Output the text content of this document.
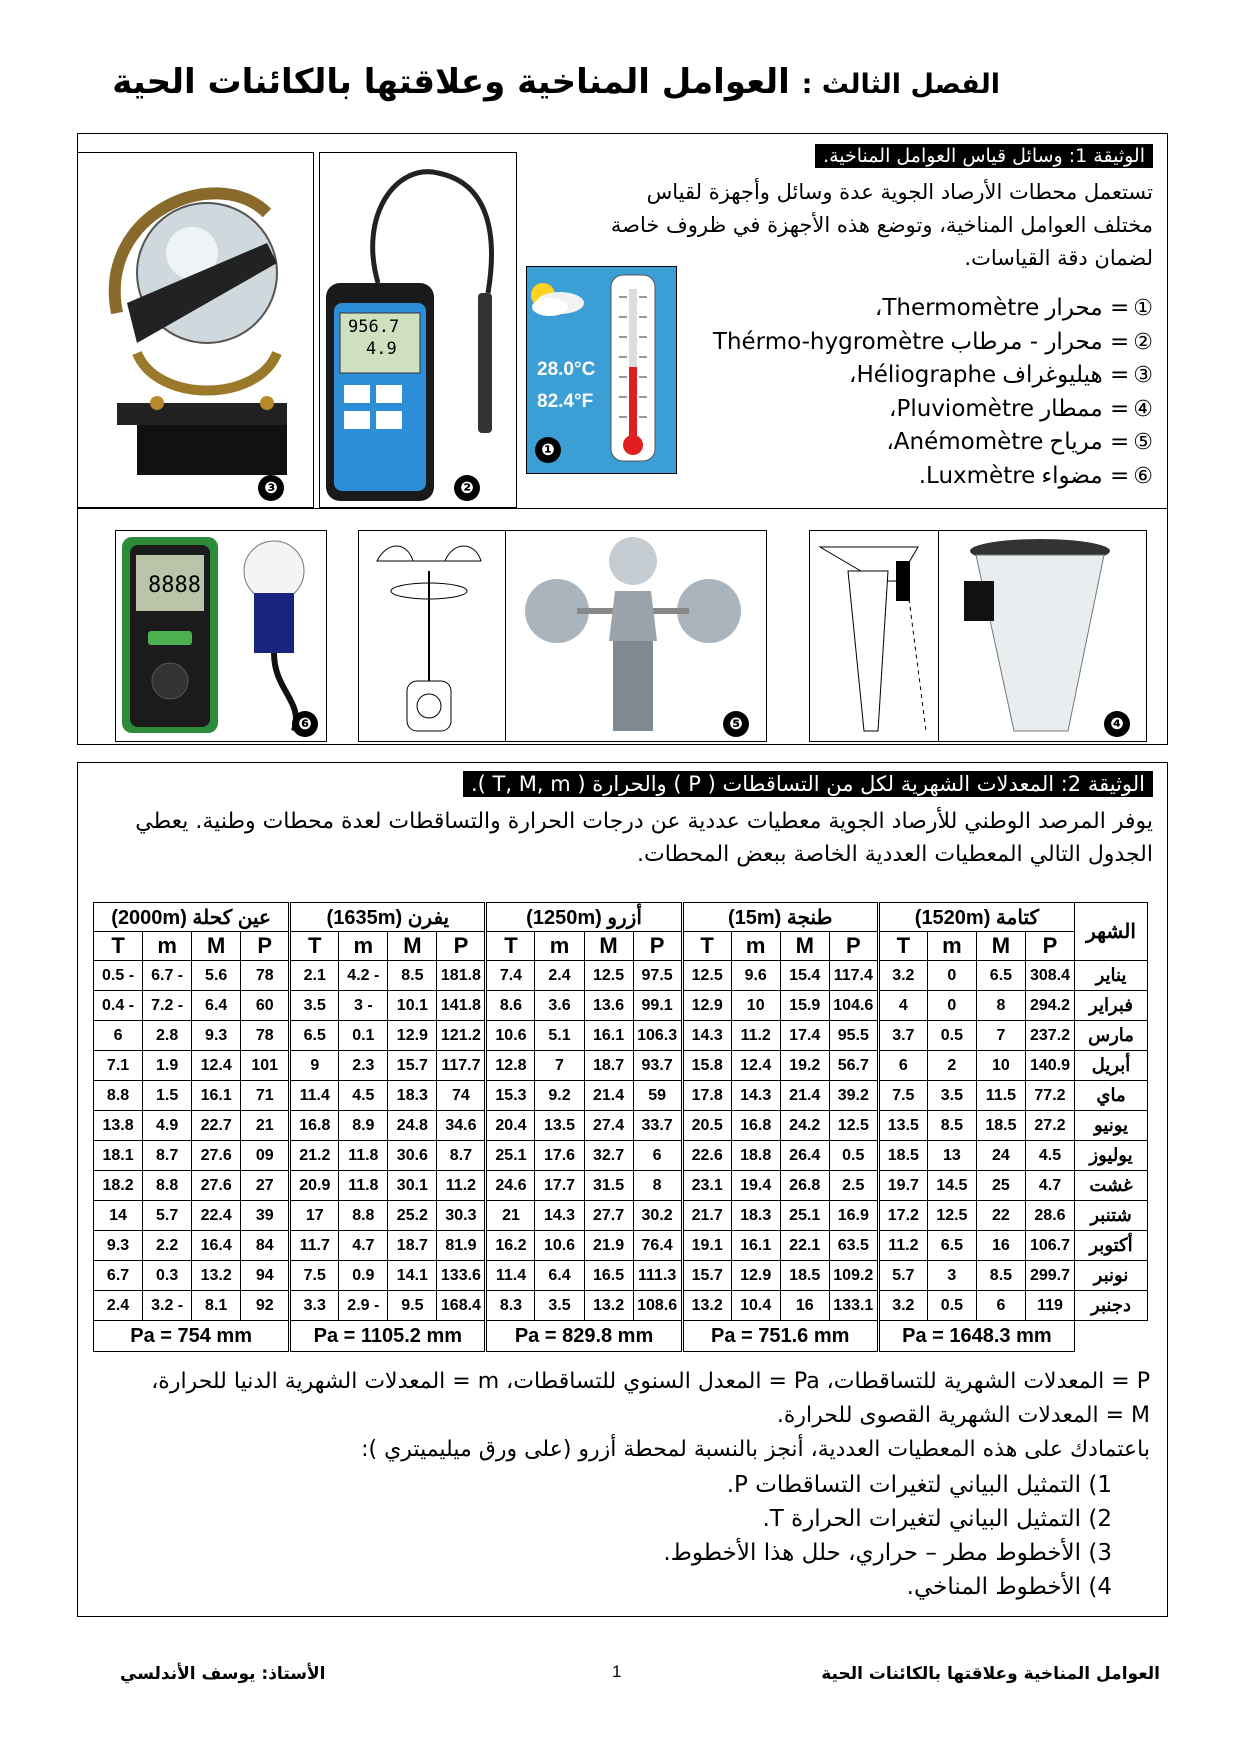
الفصل الثالث : العوامل المناخية وعلاقتها بالكائنات الحية
الوثيقة 1: وسائل قياس العوامل المناخية.
تستعمل محطات الأرصاد الجوية عدة وسائل وأجهزة لقياس مختلف العوامل المناخية، وتوضع هذه الأجهزة في ظروف خاصة لضمان دقة القياسات.
①
= محرار
Thermomètre
،
②
= محرار - مرطاب
Thérmo-hygromètre
③
= هيليوغراف
Héliographe
،
④
= ممطار
Pluviomètre
،
⑤
= مرياح
Anémomètre
،
⑥
= مضواء
Luxmètre
.
28.0°C
82.4°F
❶
956.7
4.9
❷
❸
8888
❻	❺	❹
الوثيقة 2: المعدلات الشهرية لكل من التساقطات ( P ) والحرارة ( T, M, m ).
يوفر المرصد الوطني للأرصاد الجوية معطيات عددية عن درجات الحرارة والتساقطات لعدة محطات وطنية. يعطي الجدول التالي المعطيات العددية الخاصة ببعض المحطات.
الشهر	كتامة (1520m)				طنجة (15m)				أزرو (1250m)				يفرن (1635m)				عين كحلة (2000m)			
	P	M	m	T	P	M	m	T	P	M	m	T	P	M	m	T	P	M	m	T
يناير	308.4	6.5	0	3.2	117.4	15.4	9.6	12.5	97.5	12.5	2.4	7.4	181.8	8.5	- 4.2	2.1	78	5.6	- 6.7	- 0.5
فبراير	294.2	8	0	4	104.6	15.9	10	12.9	99.1	13.6	3.6	8.6	141.8	10.1	- 3	3.5	60	6.4	- 7.2	- 0.4
مارس	237.2	7	0.5	3.7	95.5	17.4	11.2	14.3	106.3	16.1	5.1	10.6	121.2	12.9	0.1	6.5	78	9.3	2.8	6
أبريل	140.9	10	2	6	56.7	19.2	12.4	15.8	93.7	18.7	7	12.8	117.7	15.7	2.3	9	101	12.4	1.9	7.1
ماي	77.2	11.5	3.5	7.5	39.2	21.4	14.3	17.8	59	21.4	9.2	15.3	74	18.3	4.5	11.4	71	16.1	1.5	8.8
يونيو	27.2	18.5	8.5	13.5	12.5	24.2	16.8	20.5	33.7	27.4	13.5	20.4	34.6	24.8	8.9	16.8	21	22.7	4.9	13.8
يوليوز	4.5	24	13	18.5	0.5	26.4	18.8	22.6	6	32.7	17.6	25.1	8.7	30.6	11.8	21.2	09	27.6	8.7	18.1
غشت	4.7	25	14.5	19.7	2.5	26.8	19.4	23.1	8	31.5	17.7	24.6	11.2	30.1	11.8	20.9	27	27.6	8.8	18.2
شتنبر	28.6	22	12.5	17.2	16.9	25.1	18.3	21.7	30.2	27.7	14.3	21	30.3	25.2	8.8	17	39	22.4	5.7	14
أكتوبر	106.7	16	6.5	11.2	63.5	22.1	16.1	19.1	76.4	21.9	10.6	16.2	81.9	18.7	4.7	11.7	84	16.4	2.2	9.3
نونبر	299.7	8.5	3	5.7	109.2	18.5	12.9	15.7	111.3	16.5	6.4	11.4	133.6	14.1	0.9	7.5	94	13.2	0.3	6.7
دجنبر	119	6	0.5	3.2	133.1	16	10.4	13.2	108.6	13.2	3.5	8.3	168.4	9.5	- 2.9	3.3	92	8.1	- 3.2	2.4
	Pa = 1648.3 mm				Pa = 751.6 mm				Pa = 829.8 mm				Pa = 1105.2 mm				Pa = 754 mm			
P = المعدلات الشهرية للتساقطات، Pa = المعدل السنوي للتساقطات، m = المعدلات الشهرية الدنيا للحرارة،
M = المعدلات الشهرية القصوى للحرارة.
باعتمادك على هذه المعطيات العددية، أنجز بالنسبة لمحطة أزرو (على ورق ميليميتري ):
1) التمثيل البياني لتغيرات التساقطات P.
2) التمثيل البياني لتغيرات الحرارة T.
3) الأخطوط مطر – حراري، حلل هذا الأخطوط.
4) الأخطوط المناخي.
العوامل المناخية وعلاقتها بالكائنات الحية
1
الأستاذ: يوسف الأندلسي
